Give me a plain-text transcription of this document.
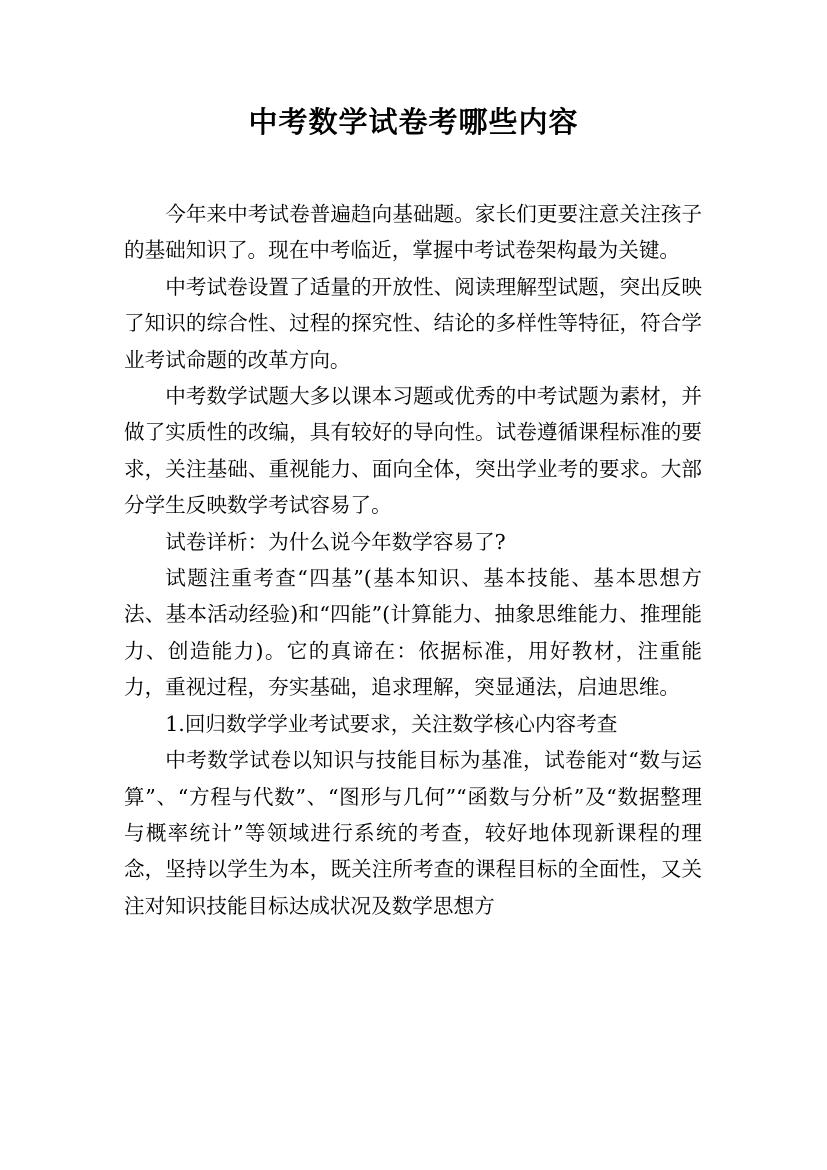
中考数学试卷考哪些内容

今年来中考试卷普遍趋向基础题。家长们更要注意关注孩子的基础知识了。现在中考临近，掌握中考试卷架构最为关键。

中考试卷设置了适量的开放性、阅读理解型试题，突出反映了知识的综合性、过程的探究性、结论的多样性等特征，符合学业考试命题的改革方向。

中考数学试题大多以课本习题或优秀的中考试题为素材，并做了实质性的改编，具有较好的导向性。试卷遵循课程标准的要求，关注基础、重视能力、面向全体，突出学业考的要求。大部分学生反映数学考试容易了。

试卷详析：为什么说今年数学容易了?

试题注重考查“四基”(基本知识、基本技能、基本思想方法、基本活动经验)和“四能”(计算能力、抽象思维能力、推理能力、创造能力)。它的真谛在：依据标准，用好教材，注重能力，重视过程，夯实基础，追求理解，突显通法，启迪思维。

1.回归数学学业考试要求，关注数学核心内容考查

中考数学试卷以知识与技能目标为基准，试卷能对“数与运算”、“方程与代数”、“图形与几何”“函数与分析”及“数据整理与概率统计”等领域进行系统的考查，较好地体现新课程的理念，坚持以学生为本，既关注所考查的课程目标的全面性，又关注对知识技能目标达成状况及数学思想方
